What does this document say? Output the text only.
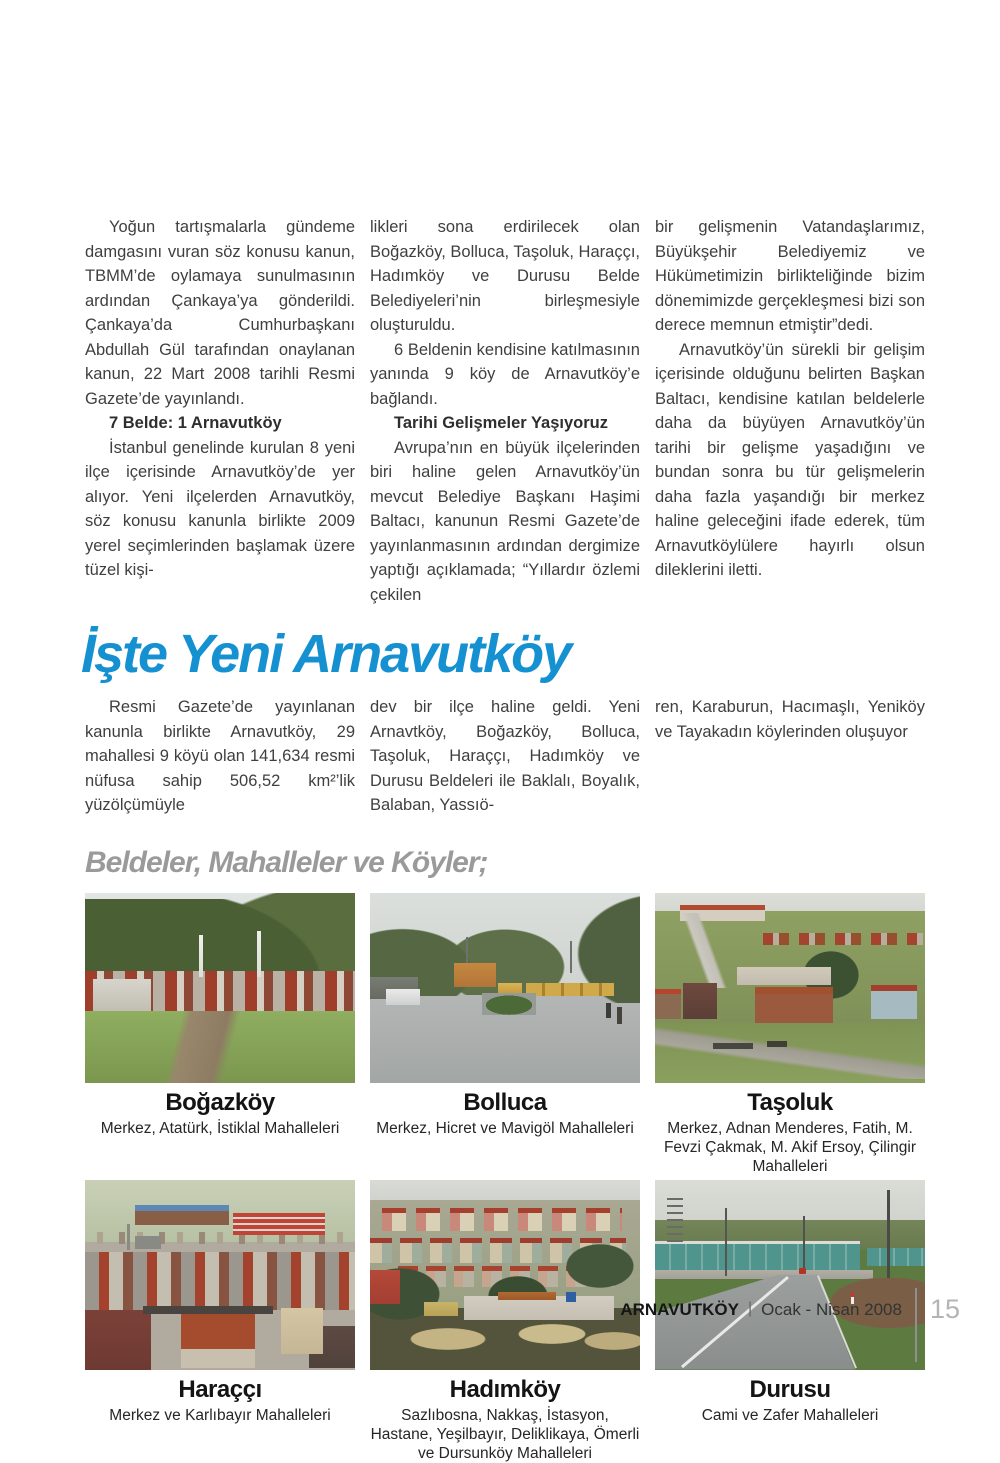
Yoğun tartışmalarla gündeme damgasını vuran söz konusu kanun, TBMM’de oylamaya sunulmasının ardından Çankaya’ya gönderildi. Çankaya’da Cumhurbaşkanı Abdullah Gül tarafından onaylanan kanun, 22 Mart 2008 tarihli Resmi Gazete’de yayınlandı.

7 Belde: 1 Arnavutköy

İstanbul genelinde kurulan 8 yeni ilçe içerisinde Arnavutköy’de yer alıyor. Yeni ilçelerden Arnavutköy, söz konusu kanunla birlikte 2009 yerel seçimlerinden başlamak üzere tüzel kişi-

likleri sona erdirilecek olan Boğazköy, Bolluca, Taşoluk, Haraççı, Hadımköy ve Durusu Belde Belediyeleri’nin birleşmesiyle oluşturuldu.

6 Beldenin kendisine katılmasının yanında 9 köy de Arnavutköy’e bağlandı.

Tarihi Gelişmeler Yaşıyoruz

Avrupa’nın en büyük ilçelerinden biri haline gelen Arnavutköy’ün mevcut Belediye Başkanı Haşimi Baltacı, kanunun Resmi Gazete’de yayınlanmasının ardından dergimize yaptığı açıklamada; “Yıllardır özlemi çekilen

bir gelişmenin Vatandaşlarımız, Büyükşehir Belediyemiz ve Hükümetimizin birlikteliğinde bizim dönemimizde gerçekleşmesi bizi son derece memnun etmiştir”dedi.

Arnavutköy’ün sürekli bir gelişim içerisinde olduğunu belirten Başkan Baltacı, kendisine katılan beldelerle daha da büyüyen Arnavutköy’ün tarihi bir gelişme yaşadığını ve bundan sonra bu tür gelişmelerin daha fazla yaşandığı bir merkez haline geleceğini ifade ederek, tüm Arnavutköylülere hayırlı olsun dileklerini iletti.

İşte Yeni Arnavutköy

Resmi Gazete’de yayınlanan kanunla birlikte Arnavutköy, 29 mahallesi 9 köyü olan 141,634 resmi nüfusa sahip 506,52 km²’lik yüzölçümüyle

dev bir ilçe haline geldi. Yeni Arnavtköy, Boğazköy, Bolluca, Taşoluk, Haraççı, Hadımköy ve Durusu Beldeleri ile Baklalı, Boyalık, Balaban, Yassıö-

ren, Karaburun, Hacımaşlı, Yeniköy ve Tayakadın köylerinden oluşuyor

Beldeler, Mahalleler ve Köyler;
Boğazköy
Merkez, Atatürk, İstiklal Mahalleleri
Bolluca
Merkez, Hicret ve Mavigöl Mahalleleri
Taşoluk
Merkez, Adnan Menderes, Fatih, M. Fevzi Çakmak, M. Akif Ersoy, Çilingir Mahalleleri
Haraççı
Merkez ve Karlıbayır Mahalleleri
Hadımköy
Sazlıbosna, Nakkaş, İstasyon, Hastane, Yeşilbayır, Deliklikaya, Ömerli ve Dursunköy Mahalleleri
Durusu
Cami ve Zafer Mahalleleri
ARNAVUTKÖY | Ocak - Nisan 2008 15
